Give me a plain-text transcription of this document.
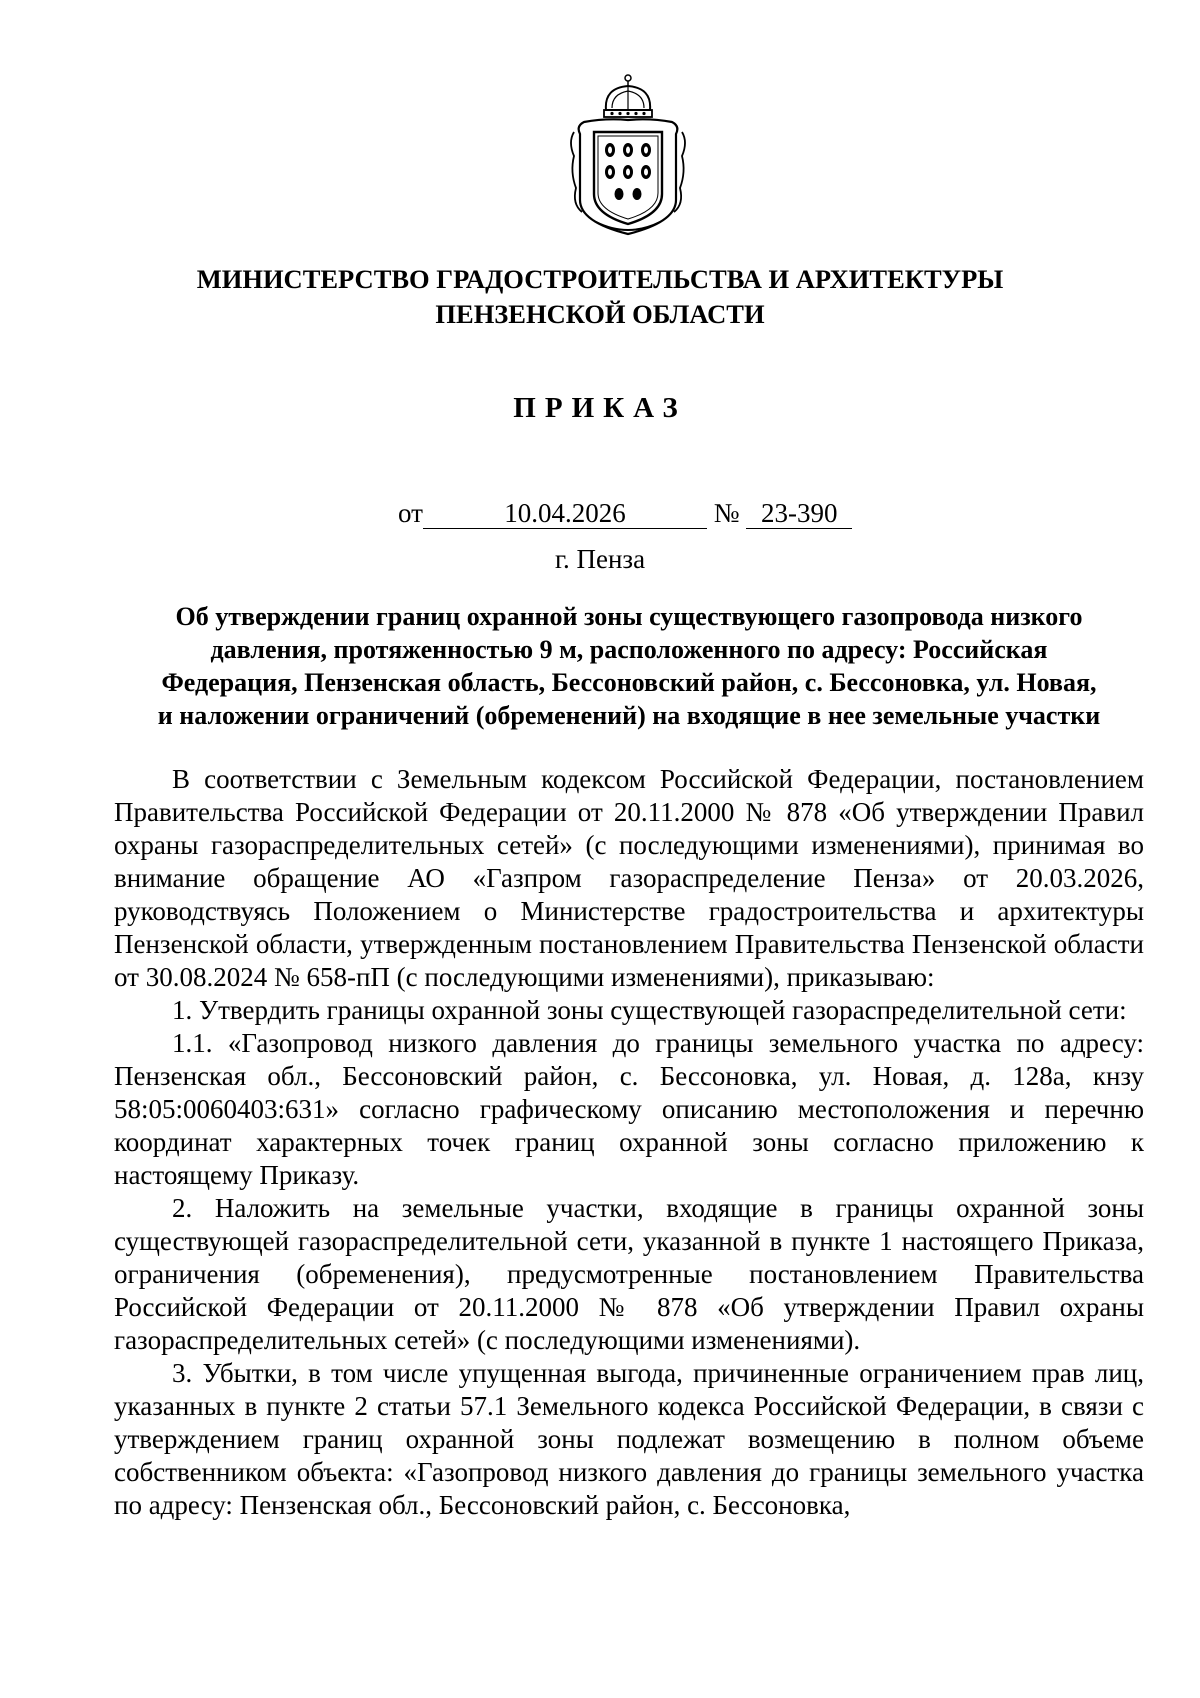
МИНИСТЕРСТВО ГРАДОСТРОИТЕЛЬСТВА И АРХИТЕКТУРЫ
ПЕНЗЕНСКОЙ ОБЛАСТИ
ПРИКАЗ
от	10.04.2026	№ 23-390
г. Пенза
Об утверждении границ охранной зоны существующего газопровода низкого
давления, протяженностью 9 м, расположенного по адресу: Российская
Федерация, Пензенская область, Бессоновский район, с. Бессоновка, ул. Новая,
и наложении ограничений (обременений) на входящие в нее земельные участки

В соответствии с Земельным кодексом Российской Федерации, постановлением Правительства Российской Федерации от 20.11.2000 № 878 «Об утверждении Правил охраны газораспределительных сетей» (с последующими изменениями), принимая во внимание обращение АО «Газпром газораспределение Пенза» от 20.03.2026, руководствуясь Положением о Министерстве градостроительства и архитектуры Пензенской области, утвержденным постановлением Правительства Пензенской области от 30.08.2024 № 658-пП (с последующими изменениями), приказываю:

1. Утвердить границы охранной зоны существующей газораспределительной сети:

1.1. «Газопровод низкого давления до границы земельного участка по адресу: Пензенская обл., Бессоновский район, с. Бессоновка, ул. Новая, д. 128а, кнзу 58:05:0060403:631» согласно графическому описанию местоположения и перечню координат характерных точек границ охранной зоны согласно приложению к настоящему Приказу.

2. Наложить на земельные участки, входящие в границы охранной зоны существующей газораспределительной сети, указанной в пункте 1 настоящего Приказа, ограничения (обременения), предусмотренные постановлением Правительства Российской Федерации от 20.11.2000 № 878 «Об утверждении Правил охраны газораспределительных сетей» (с последующими изменениями).

3. Убытки, в том числе упущенная выгода, причиненные ограничением прав лиц, указанных в пункте 2 статьи 57.1 Земельного кодекса Российской Федерации, в связи с утверждением границ охранной зоны подлежат возмещению в полном объеме собственником объекта: «Газопровод низкого давления до границы земельного участка по адресу: Пензенская обл., Бессоновский район, с. Бессоновка,
